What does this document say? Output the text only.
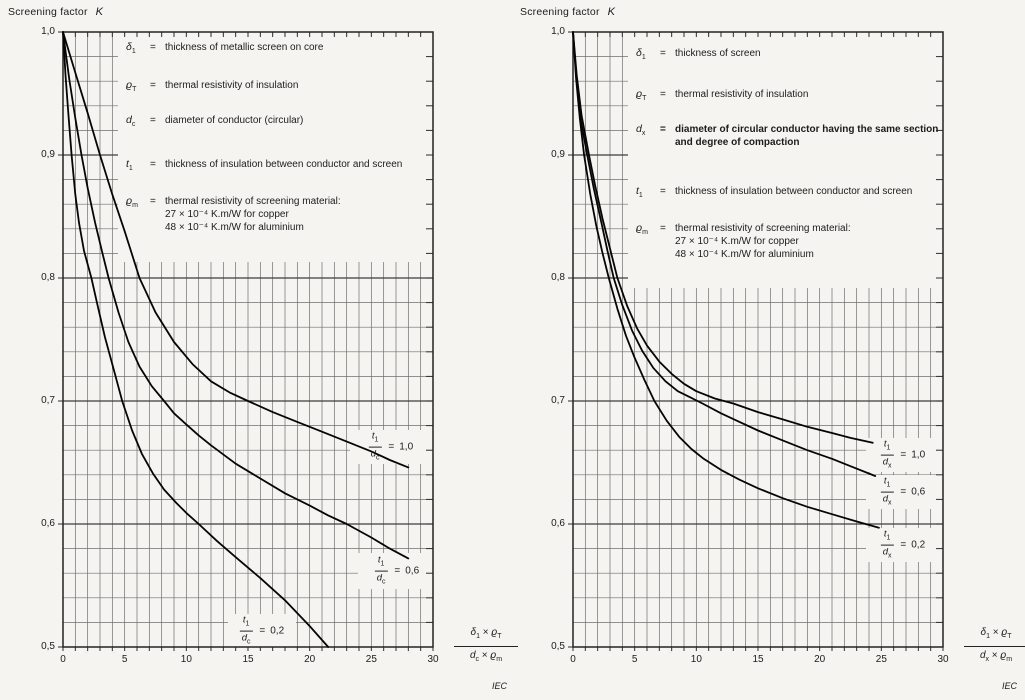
Screening factor K	Screening factor K
$\delta_1$	= thickness of metallic screen on core
$ϱ_T$	= thermal resistivity of insulation
$d_c$	= diameter of conductor (circular)
$t_1$	= thickness of insulation between conductor and screen
$ϱ_m$	= thermal resistivity of screening material:
27 × 10⁻⁴ K.m/W for copper
48 × 10⁻⁴ K.m/W for aluminium
$\delta_1$	= thickness of screen
$ϱ_T$	= thermal resistivity of insulation
$d_x$	= diameter of circular conductor having the same section and degree of compaction
$t_1$	= thickness of insulation between conductor and screen
$ϱ_m$	= thermal resistivity of screening material:
27 × 10⁻⁴ K.m/W for copper
48 × 10⁻⁴ K.m/W for aluminium
$\frac{\delta_1 \times ϱ_T}{d_c \times ϱ_m}$
IEC
$\frac{\delta_1 \times ϱ_T}{d_x \times ϱ_m}$
IEC
0	5	10	15	20	25	30
1,0
0,9
0,8
0,7
0,6
0,5
$\frac{t_1}{d_c} = 1,0$
$\frac{t_1}{d_c} = 0,6$
$\frac{t_1}{d_c} = 0,2$
0	5	10	15	20	25	30
1,0
0,9
0,8
0,7
0,6
0,5
$\frac{t_1}{d_x} = 1,0$
$\frac{t_1}{d_x} = 0,6$
$\frac{t_1}{d_x} = 0,2$
